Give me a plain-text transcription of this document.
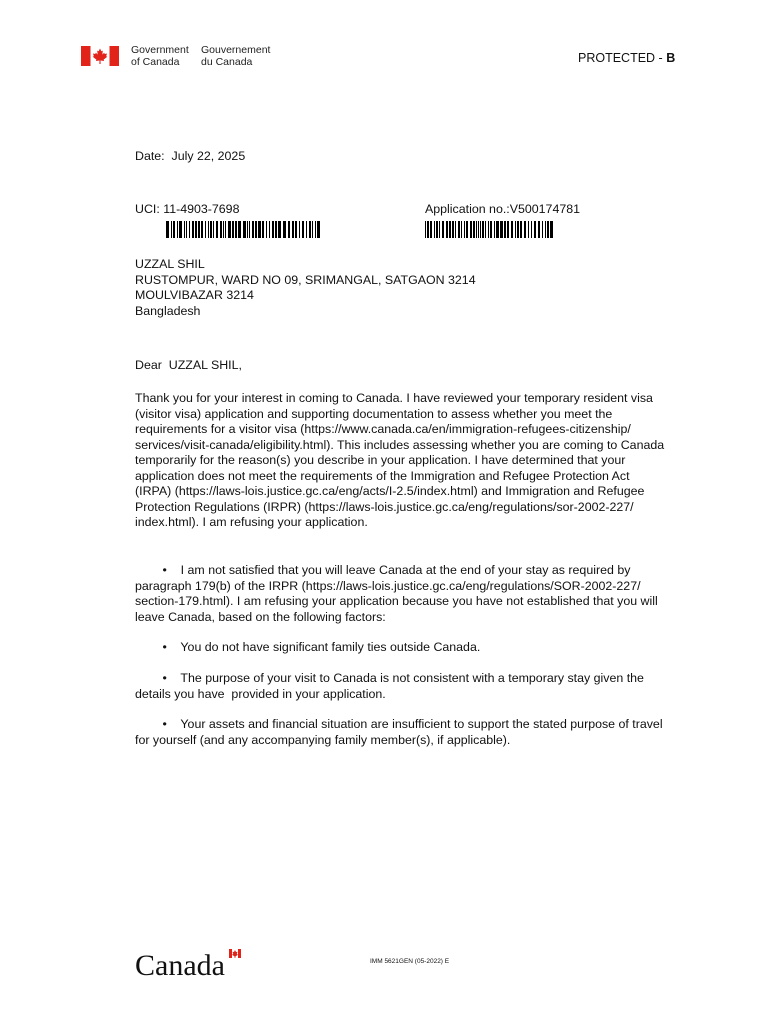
Government
of Canada
Gouvernement
du Canada	PROTECTED - B
Date:  July 22, 2025
UCI: 11-4903-7698	Application no.:V500174781
UZZAL SHIL
RUSTOMPUR, WARD NO 09, SRIMANGAL, SATGAON 3214
MOULVIBAZAR 3214
Bangladesh
Dear  UZZAL SHIL,
Thank you for your interest in coming to Canada. I have reviewed your temporary resident visa
(visitor visa) application and supporting documentation to assess whether you meet the
requirements for a visitor visa (https://www.canada.ca/en/immigration-refugees-citizenship/
services/visit-canada/eligibility.html). This includes assessing whether you are coming to Canada
temporarily for the reason(s) you describe in your application. I have determined that your
application does not meet the requirements of the Immigration and Refugee Protection Act
(IRPA) (https://laws-lois.justice.gc.ca/eng/acts/I-2.5/index.html) and Immigration and Refugee
Protection Regulations (IRPR) (https://laws-lois.justice.gc.ca/eng/regulations/sor-2002-227/
index.html). I am refusing your application.
•    I am not satisfied that you will leave Canada at the end of your stay as required by
paragraph 179(b) of the IRPR (https://laws-lois.justice.gc.ca/eng/regulations/SOR-2002-227/
section-179.html). I am refusing your application because you have not established that you will
leave Canada, based on the following factors:
•    You do not have significant family ties outside Canada.
•    The purpose of your visit to Canada is not consistent with a temporary stay given the
details you have  provided in your application.
•    Your assets and financial situation are insufficient to support the stated purpose of travel
for yourself (and any accompanying family member(s), if applicable).
Canada	IMM 5621GEN (05-2022) E
